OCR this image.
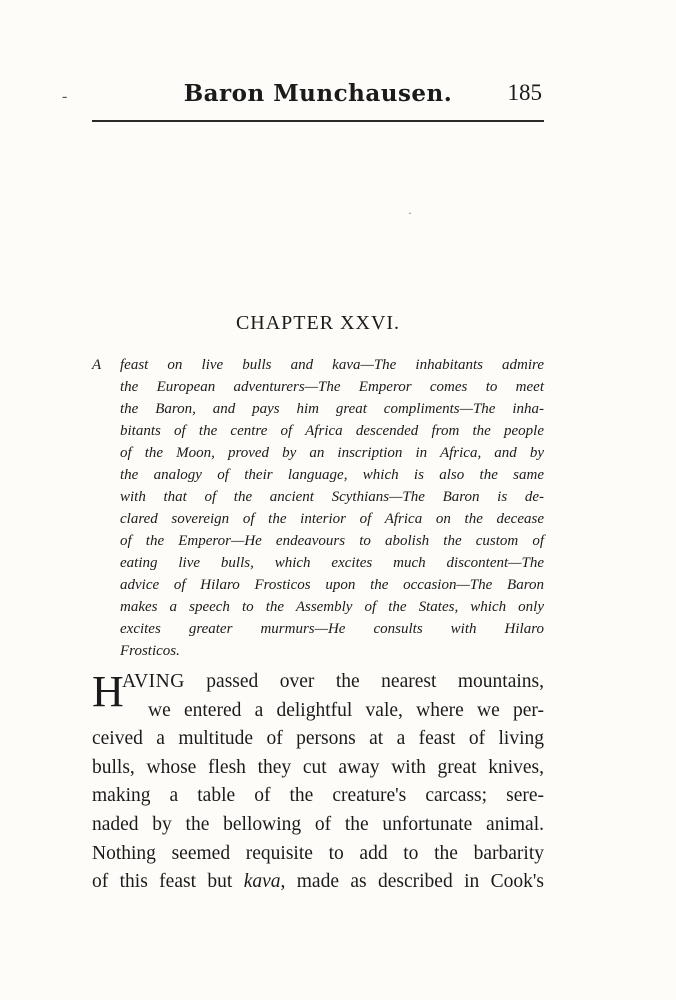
-	Baron Munchausen.	185
·
CHAPTER XXVI.
A feast on live bulls and kava—The inhabitants admire
the European adventurers—The Emperor comes to meet
the Baron, and pays him great compliments—The inha-
bitants of the centre of Africa descended from the people
of the Moon, proved by an inscription in Africa, and by
the analogy of their language, which is also the same
with that of the ancient Scythians—The Baron is de-
clared sovereign of the interior of Africa on the decease
of the Emperor—He endeavours to abolish the custom of
eating live bulls, which excites much discontent—The
advice of Hilaro Frosticos upon the occasion—The Baron
makes a speech to the Assembly of the States, which only
excites greater murmurs—He consults with Hilaro
Frosticos.
H
AVING passed over the nearest mountains,
we entered a delightful vale, where we per-
ceived a multitude of persons at a feast of living
bulls, whose flesh they cut away with great knives,
making a table of the creature's carcass; sere-
naded by the bellowing of the unfortunate animal.
Nothing seemed requisite to add to the barbarity
of this feast but kava, made as described in Cook's
